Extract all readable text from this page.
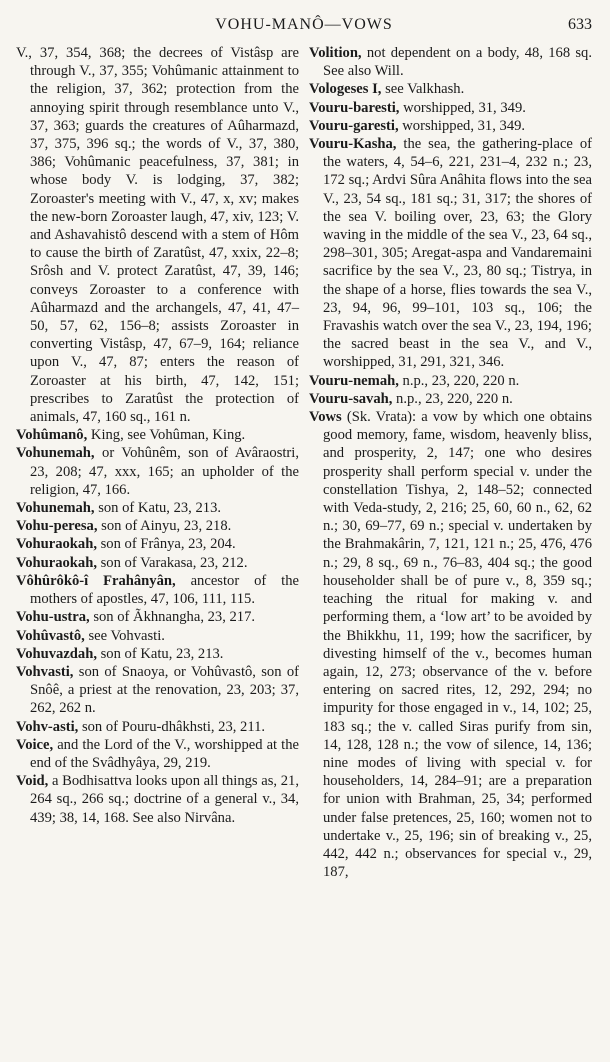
VOHU-MANÔ—VOWS	633

V., 37, 354, 368; the decrees of Vistâsp are through V., 37, 355; Vohûmanic attainment to the religion, 37, 362; protection from the annoying spirit through resemblance unto V., 37, 363; guards the creatures of Aûharmazd, 37, 375, 396 sq.; the words of V., 37, 380, 386; Vohûmanic peacefulness, 37, 381; in whose body V. is lodging, 37, 382; Zoroaster's meeting with V., 47, x, xv; makes the new-born Zoroaster laugh, 47, xiv, 123; V. and Ashavahistô descend with a stem of Hôm to cause the birth of Zaratûst, 47, xxix, 22–8; Srôsh and V. protect Zaratûst, 47, 39, 146; conveys Zoroaster to a conference with Aûharmazd and the archangels, 47, 41, 47–50, 57, 62, 156–8; assists Zoroaster in converting Vistâsp, 47, 67–9, 164; reliance upon V., 47, 87; enters the reason of Zoroaster at his birth, 47, 142, 151; prescribes to Zaratûst the protection of animals, 47, 160 sq., 161 n.

Vohûmanô, King, see Vohûman, King.

Vohunemah, or Vohûnêm, son of Avâraostri, 23, 208; 47, xxx, 165; an upholder of the religion, 47, 166.

Vohunemah, son of Katu, 23, 213.

Vohu-peresa, son of Ainyu, 23, 218.

Vohuraokah, son of Frânya, 23, 204.

Vohuraokah, son of Varakasa, 23, 212.

Vôhûrôkô-î Frahânyân, ancestor of the mothers of apostles, 47, 106, 111, 115.

Vohu-ustra, son of Ãkhnangha, 23, 217.

Vohûvastô, see Vohvasti.

Vohuvazdah, son of Katu, 23, 213.

Vohvasti, son of Snaoya, or Vohûvastô, son of Snôê, a priest at the renovation, 23, 203; 37, 262, 262 n.

Vohv-asti, son of Pouru-dhâkhsti, 23, 211.

Voice, and the Lord of the V., worshipped at the end of the Svâdhyâya, 29, 219.

Void, a Bodhisattva looks upon all things as, 21, 264 sq., 266 sq.; doctrine of a general v., 34, 439; 38, 14, 168. See also Nirvâna.

Volition, not dependent on a body, 48, 168 sq. See also Will.

Vologeses I, see Valkhash.

Vouru-baresti, worshipped, 31, 349.

Vouru-garesti, worshipped, 31, 349.

Vouru-Kasha, the sea, the gathering-place of the waters, 4, 54–6, 221, 231–4, 232 n.; 23, 172 sq.; Ardvi Sûra Anâhita flows into the sea V., 23, 54 sq., 181 sq.; 31, 317; the shores of the sea V. boiling over, 23, 63; the Glory waving in the middle of the sea V., 23, 64 sq., 298–301, 305; Aregat-aspa and Vandaremaini sacrifice by the sea V., 23, 80 sq.; Tistrya, in the shape of a horse, flies towards the sea V., 23, 94, 96, 99–101, 103 sq., 106; the Fravashis watch over the sea V., 23, 194, 196; the sacred beast in the sea V., and V., worshipped, 31, 291, 321, 346.

Vouru-nemah, n.p., 23, 220, 220 n.

Vouru-savah, n.p., 23, 220, 220 n.

Vows (Sk. Vrata): a vow by which one obtains good memory, fame, wisdom, heavenly bliss, and prosperity, 2, 147; one who desires prosperity shall perform special v. under the constellation Tishya, 2, 148–52; connected with Veda-study, 2, 216; 25, 60, 60 n., 62, 62 n.; 30, 69–77, 69 n.; special v. undertaken by the Brahmakârin, 7, 121, 121 n.; 25, 476, 476 n.; 29, 8 sq., 69 n., 76–83, 404 sq.; the good householder shall be of pure v., 8, 359 sq.; teaching the ritual for making v. and performing them, a ‘low art’ to be avoided by the Bhikkhu, 11, 199; how the sacrificer, by divesting himself of the v., becomes human again, 12, 273; observance of the v. before entering on sacred rites, 12, 292, 294; no impurity for those engaged in v., 14, 102; 25, 183 sq.; the v. called Siras purify from sin, 14, 128, 128 n.; the vow of silence, 14, 136; nine modes of living with special v. for householders, 14, 284–91; are a preparation for union with Brahman, 25, 34; performed under false pretences, 25, 160; women not to undertake v., 25, 196; sin of breaking v., 25, 442, 442 n.; observances for special v., 29, 187,
